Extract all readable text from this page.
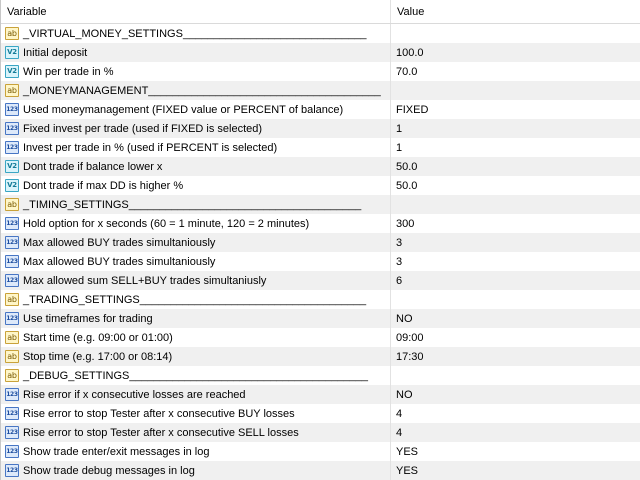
Variable	Value
ab _VIRTUAL_MONEY_SETTINGS______________________________
V2 Initial deposit	100.0
V2 Win per trade in %	70.0
ab _MONEYMANAGEMENT______________________________________
123 Used moneymanagement (FIXED value or PERCENT of balance)	FIXED
123 Fixed invest per trade (used if FIXED is selected)	1
123 Invest per trade in % (used if PERCENT is selected)	1
V2 Dont trade if balance lower x	50.0
V2 Dont trade if max DD is higher %	50.0
ab _TIMING_SETTINGS______________________________________
123 Hold option for x seconds (60 = 1 minute, 120 = 2 minutes)	300
123 Max allowed BUY trades simultaniously	3
123 Max allowed BUY trades simultaniously	3
123 Max allowed sum SELL+BUY trades simultaniusly	6
ab _TRADING_SETTINGS_____________________________________
123 Use timeframes for trading	NO
ab Start time (e.g. 09:00 or 01:00)	09:00
ab Stop time (e.g. 17:00 or 08:14)	17:30
ab _DEBUG_SETTINGS_______________________________________
123 Rise error if x consecutive losses are reached	NO
123 Rise error to stop Tester after x consecutive BUY losses	4
123 Rise error to stop Tester after x consecutive SELL losses	4
123 Show trade enter/exit messages in log	YES
123 Show trade debug messages in log	YES
